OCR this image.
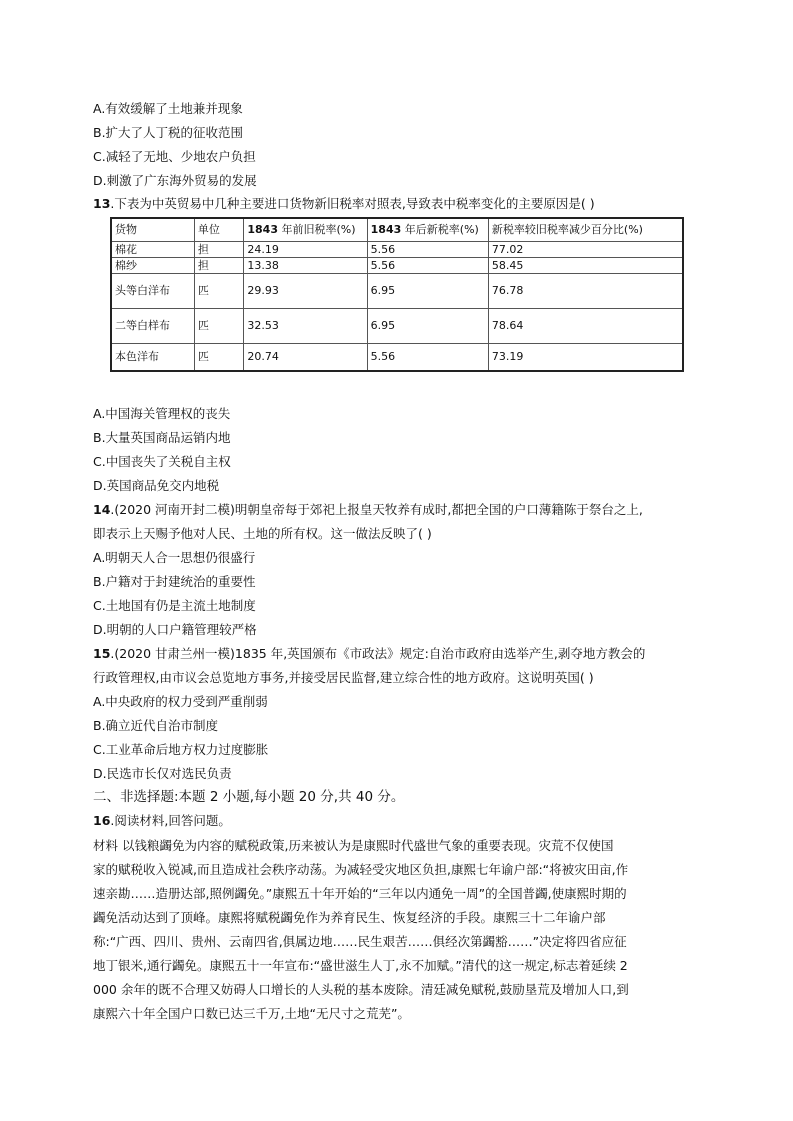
A.有效缓解了土地兼并现象
B.扩大了人丁税的征收范围
C.减轻了无地、少地农户负担
D.刺激了广东海外贸易的发展
13.下表为中英贸易中几种主要进口货物新旧税率对照表,导致表中税率变化的主要原因是( )
货物	单位	1843 年前旧税率(%)	1843 年后新税率(%)	新税率较旧税率减少百分比(%)
棉花	担	24.19	5.56	77.02
棉纱	担	13.38	5.56	58.45
头等白洋布	匹	29.93	6.95	76.78
二等白样布	匹	32.53	6.95	78.64
本色洋布	匹	20.74	5.56	73.19
A.中国海关管理权的丧失
B.大量英国商品运销内地
C.中国丧失了关税自主权
D.英国商品免交内地税
14.(2020 河南开封二模)明朝皇帝每于郊祀上报皇天牧养有成时,都把全国的户口薄籍陈于祭台之上,
即表示上天赐予他对人民、土地的所有权。这一做法反映了( )
A.明朝天人合一思想仍很盛行
B.户籍对于封建统治的重要性
C.土地国有仍是主流土地制度
D.明朝的人口户籍管理较严格
15.(2020 甘肃兰州一模)1835 年,英国颁布《市政法》规定:自治市政府由选举产生,剥夺地方教会的
行政管理权,由市议会总览地方事务,并接受居民监督,建立综合性的地方政府。这说明英国( )
A.中央政府的权力受到严重削弱
B.确立近代自治市制度
C.工业革命后地方权力过度膨胀
D.民选市长仅对选民负责
二、非选择题:本题 2 小题,每小题 20 分,共 40 分。
16.阅读材料,回答问题。
材料 以钱粮蠲免为内容的赋税政策,历来被认为是康熙时代盛世气象的重要表现。灾荒不仅使国
家的赋税收入锐减,而且造成社会秩序动荡。为减轻受灾地区负担,康熙七年谕户部:“将被灾田亩,作
速亲勘……造册达部,照例蠲免。”康熙五十年开始的“三年以内通免一周”的全国普蠲,使康熙时期的
蠲免活动达到了顶峰。康熙将赋税蠲免作为养育民生、恢复经济的手段。康熙三十二年谕户部
称:“广西、四川、贵州、云南四省,俱属边地……民生艰苦……俱经次第蠲豁……”决定将四省应征
地丁银米,通行蠲免。康熙五十一年宣布:“盛世滋生人丁,永不加赋。”清代的这一规定,标志着延续 2
000 余年的既不合理又妨碍人口增长的人头税的基本废除。清廷减免赋税,鼓励垦荒及增加人口,到
康熙六十年全国户口数已达三千万,土地“无尺寸之荒芜”。
